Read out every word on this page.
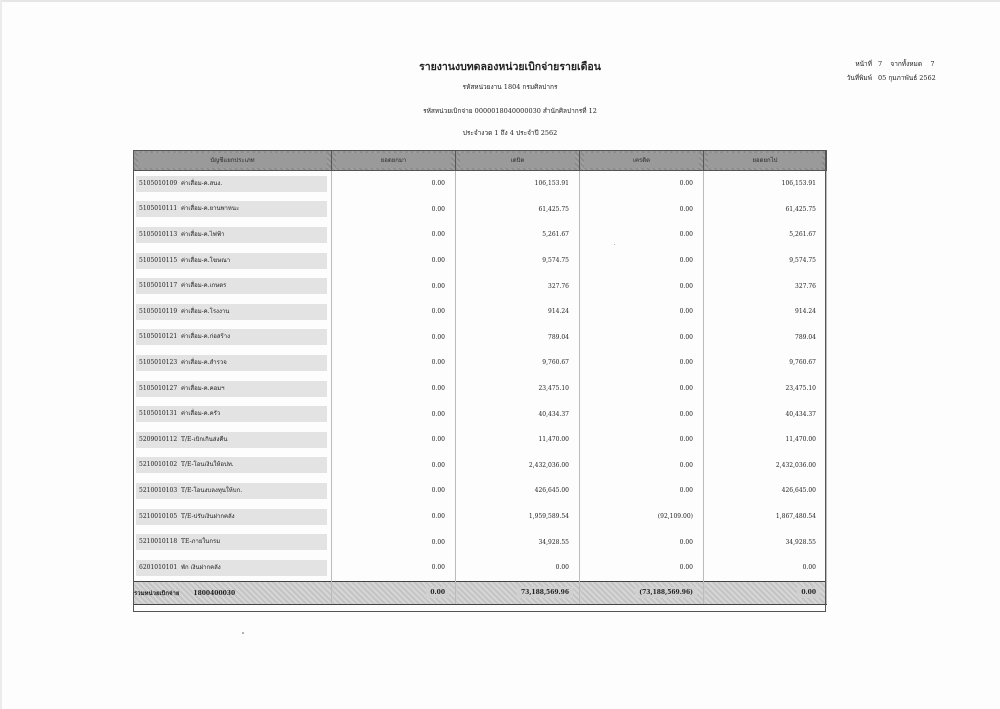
รายงานงบทดลองหน่วยเบิกจ่ายรายเดือน
รหัสหน่วยงาน 1804 กรมศิลปากร
รหัสหน่วยเบิกจ่าย 0000018040000030 สำนักศิลปากรที่ 12
ประจำงวด 1 ถึง 4 ประจำปี 2562
หน้าที่ 7 จากทั้งหมด 7
วันที่พิมพ์ 05 กุมภาพันธ์ 2562
บัญชีแยกประเภท	ยอดยกมา	เดบิต	เครดิต	ยอดยกไป

5105010109 ค่าเสื่อม-ค.สนง.	0.00	106,153.91	0.00	106,153.91

5105010111 ค่าเสื่อม-ค.ยานพาหนะ	0.00	61,425.75	0.00	61,425.75

5105010113 ค่าเสื่อม-ค.ไฟฟ้า	0.00	5,261.67	0.00	5,261.67

5105010115 ค่าเสื่อม-ค.โฆษณา	0.00	9,574.75	0.00	9,574.75

5105010117 ค่าเสื่อม-ค.เกษตร	0.00	327.76	0.00	327.76

5105010119 ค่าเสื่อม-ค.โรงงาน	0.00	914.24	0.00	914.24

5105010121 ค่าเสื่อม-ค.ก่อสร้าง	0.00	789.04	0.00	789.04

5105010123 ค่าเสื่อม-ค.สำรวจ	0.00	9,760.67	0.00	9,760.67

5105010127 ค่าเสื่อม-ค.คอมฯ	0.00	23,475.10	0.00	23,475.10

5105010131 ค่าเสื่อม-ค.ครัว	0.00	40,434.37	0.00	40,434.37

5209010112 T/E-เบิกเกินส่งคืน	0.00	11,470.00	0.00	11,470.00

5210010102 T/E-โอนเงินให้อปท.	0.00	2,432,036.00	0.00	2,432,036.00

5210010103 T/E-โอนงบลงทุนให้บก.	0.00	426,645.00	0.00	426,645.00

5210010105 T/E-ปรับเงินฝากคลัง	0.00	1,959,589.54	(92,109.00)	1,867,480.54

5210010118 TE-ภายในกรม	0.00	34,928.55	0.00	34,928.55

6201010101 พัก เงินฝากคลัง	0.00	0.00	0.00	0.00
รวมหน่วยเบิกจ่าย 1800400030	0.00	73,188,569.96	(73,188,569.96)	0.00
